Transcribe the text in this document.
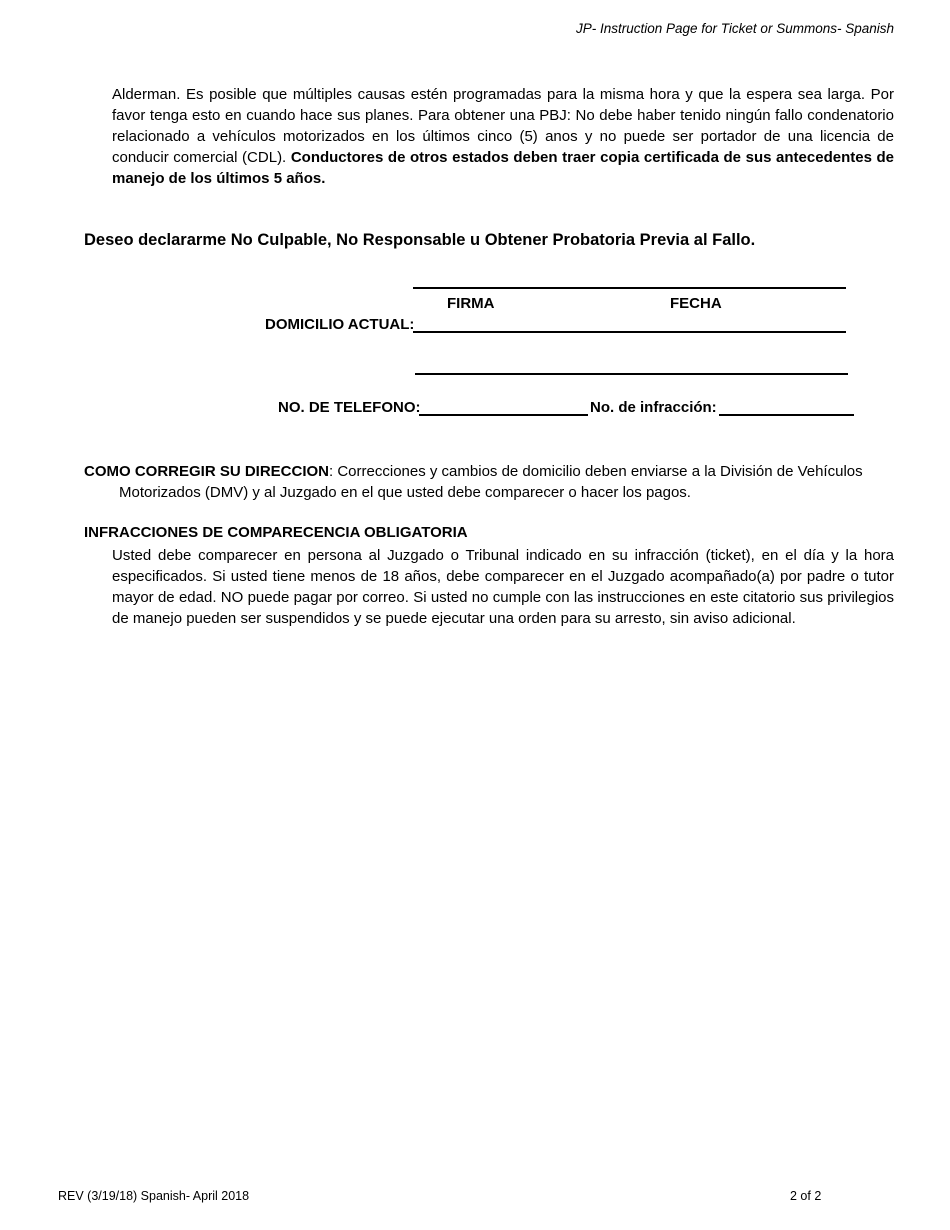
JP- Instruction Page for Ticket or Summons- Spanish
Alderman. Es posible que múltiples causas estén programadas para la misma hora y que la espera sea larga. Por favor tenga esto en cuando hace sus planes. Para obtener una PBJ: No debe haber tenido ningún fallo condenatorio relacionado a vehículos motorizados en los últimos cinco (5) anos y no puede ser portador de una licencia de conducir comercial (CDL). Conductores de otros estados deben traer copia certificada de sus antecedentes de manejo de los últimos 5 años.
Deseo declararme No Culpable, No Responsable u Obtener Probatoria Previa al Fallo.
FIRMA	FECHA
DOMICILIO ACTUAL:
NO. DE TELEFONO:	No. de infracción:
COMO CORREGIR SU DIRECCION: Correcciones y cambios de domicilio deben enviarse a la División de Vehículos
Motorizados (DMV) y al Juzgado en el que usted debe comparecer o hacer los pagos.
INFRACCIONES DE COMPARECENCIA OBLIGATORIA
Usted debe comparecer en persona al Juzgado o Tribunal indicado en su infracción (ticket), en el día y la hora especificados. Si usted tiene menos de 18 años, debe comparecer en el Juzgado acompañado(a) por padre o tutor mayor de edad. NO puede pagar por correo. Si usted no cumple con las instrucciones en este citatorio sus privilegios de manejo pueden ser suspendidos y se puede ejecutar una orden para su arresto, sin aviso adicional.
REV (3/19/18) Spanish- April 2018	2 of 2
